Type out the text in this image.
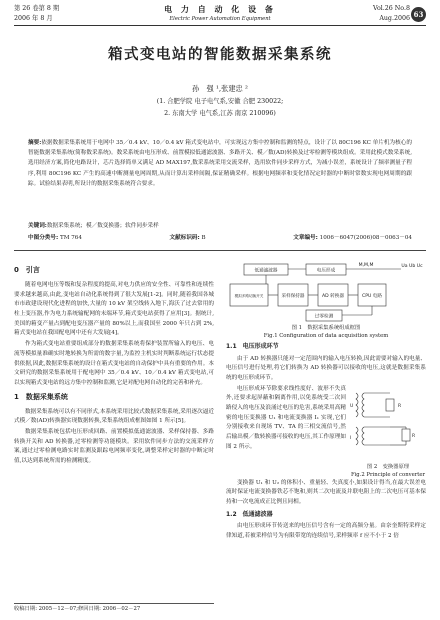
第 26 卷第 8 期
2006 年 8 月
电 力 自 动 化 设 备
Electric Power Automation Equipment
Vol.26 No.8
Aug.2006 63
箱式变电站的智能数据采集系统
孙　强 ¹,张建忠 ²
(1. 合肥学院 电子电气系,安徽 合肥 230022;
2. 东南大学 电气系,江苏 南京 210096)
摘要:依据数据采集系统用于电网中 35／0.4 kV、10／0.4 kV 箱式变电站中，可实现远方集中控制和监测的特点，设计了以 80C196 KC 单片机为核心的智能数据采集系统(简称数采系统)。数采系统由电压形成、前置模拟低通滤波器、多路开关、模／数(AD)转换及过零检测等模块组成。采用此模式数采系统,选用经济方案,简化电路设计，芯片选择简单又满足 AD MAX197,数采系统采用交流采样，选用软件同步采样方式，为减小误差，系统设计了频率测量子程序,利用 80C196 KC 产生的高速中断测量电网周期,从而计算出采样间隔,保证精确采样。根据电网频率和变化情况定时器的中断时常数实现电网周期的跟踪。试验结果表明,所设计的数据采集系统符合要求。
关键词:数据采集系统；模／数变换器；软件同步采样
中图分类号: TM 764	文献标识码: B	文章编号: 1006－6047(2006)08－0063－04
0　引言

随着电网电压等级和复杂程度的提高,对电力供应的安全性、可靠性和连续性要求越来越高,由此,变电站自动化系统得到了很大发展[1-2]。同时,随着我国各城市市政建设现代化进程的加快,大量的 10 kV 架空线转入地下,海沃了过去常用的柱上变压器,作为电力系统输配网的末端环节,箱式变电站获得了应用[3]。据统计,美国的箱变产量占到配电变压器产量的 80%以上,而我国至 2000 年只占到 2%,箱式变电站在我国配电网中还有大发展[4]。

作为箱式变电站重要组成部分的数据采集系统将保护装置所输入的电压、电流等模拟量准确实时地转换为所需的数字量,为监控主机实时判断系统运行状态提供依据,因此,数据采集系统的设计在箱式变电站的自动保护中具有重要的作用。本文研究的数据采集系统用于配电网中 35／0.4 kV、10／0.4 kV 箱式变电站,可以实现箱式变电站的远方集中控制和监测,它是对配电网自动化的完善和补充。

1　数据采集系统

数据采集系统可以有不同形式,本系统采用比较式数据采集系统,采用逐次逼近式模／数(AD)转换器实现数据转换,采集系统组成框图如图 1 所示[5]。

数据采集系统包括电压形成回路、前置模拟低通滤波器、采样保持器、多路转换开关和 AD 转换器,过零检测等功能模块。采用软件同步方法的交流采样方案,通过过零检测电路实时监测及跟踪电网频率变化,调整采样定时器的中断定时值,以达到系统所需的检测精度。

收稿日期: 2005－12－07;修回日期: 2006－02－27
低通滤波器	电压形成
模拟多路切换开关	采样保持器	AD 转换器	CPU 电路
过零检测
Ua Ub Uc
M,M,M
图 1　数据采集系统组成框图
Fig.1 Configuration of data acquisition system
1.1　电压形成环节

由于 AD 转换器只能对一定范围内的输入电压转换,因此需要对输入的电量、电压信号进行处理,将它们转换为 AD 转换器可以接收的电压,这就是数据采集系统的电压形成环节。

电压形成环节除要求线性度好、波形不失真外,还要求起屏蔽和隔离作用,以免系统受二次回路侵入的电压及浪涌过电压的危害,系统采用高精密的电压变换器 U₁ 和电流变换器 I₁ 实现,它们分别接收来自现场 TV、TA 的三相交流信号,然后输出模／数转换器可接收的电压,其工作原理如图 2 所示。

U	R
I	R
图 2　变换器原理
Fig.2 Principle of converter

变换器 U₁ 和 U₂ 的体积小、重量轻、失真度小,如果设计得当,在最大误差电流时保证电流变换器铁芯不饱和,则其二次电流及并联电阻上的二次电压可基本保持和一次电流成正比例且同相。

1.2　低通滤波器

由电压形成环节传送来的电压信号含有一定的高频分量。由奈奎斯特采样定律知道,若被采样信号为有限带宽的连续信号,采样频率 f 应不小于 2 倍
